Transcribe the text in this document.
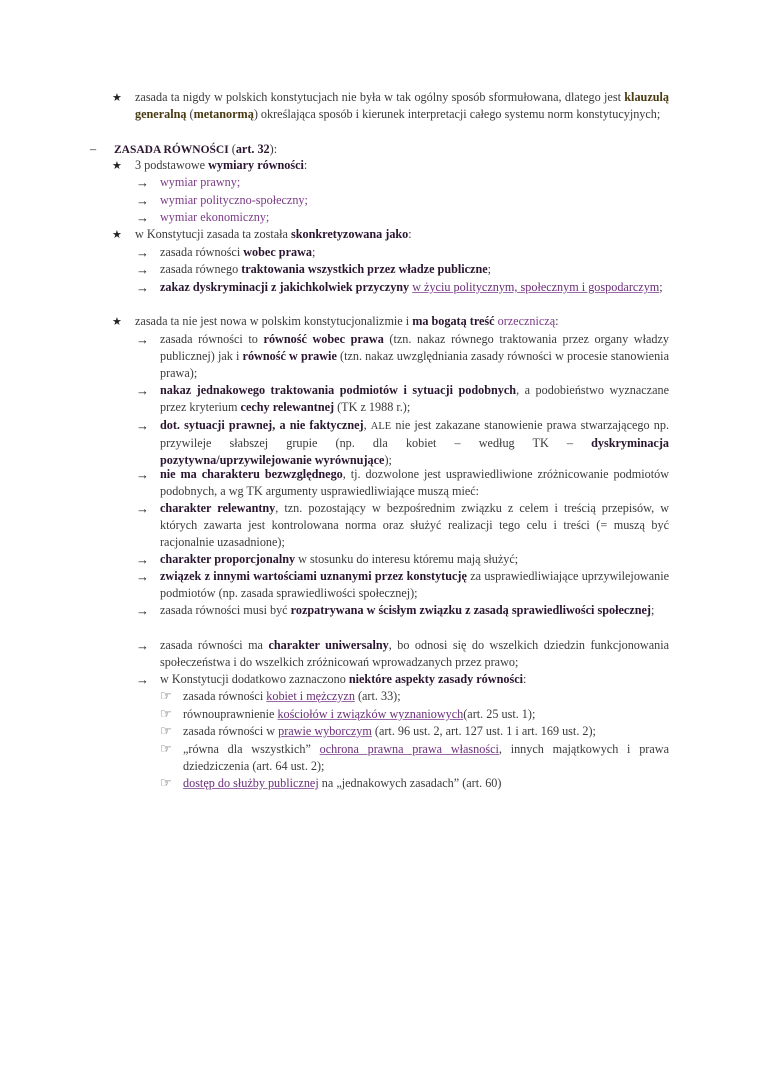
★ zasada ta nigdy w polskich konstytucjach nie była w tak ogólny sposób sformułowana, dlatego jest klauzulą generalną (metanormą) określająca sposób i kierunek interpretacji całego systemu norm konstytucyjnych;
– ZASADA RÓWNOŚCI (art. 32):
★ 3 podstawowe wymiary równości:
→ wymiar prawny;
→ wymiar polityczno-społeczny;
→ wymiar ekonomiczny;
★ w Konstytucji zasada ta została skonkretyzowana jako:
→ zasada równości wobec prawa;
→ zasada równego traktowania wszystkich przez władze publiczne;
→ zakaz dyskryminacji z jakichkolwiek przyczyny w życiu politycznym, społecznym i gospodarczym;
★ zasada ta nie jest nowa w polskim konstytucjonalizmie i ma bogatą treść orzeczniczą:
→ zasada równości to równość wobec prawa (tzn. nakaz równego traktowania przez organy władzy publicznej) jak i równość w prawie (tzn. nakaz uwzględniania zasady równości w procesie stanowienia prawa);
→ nakaz jednakowego traktowania podmiotów i sytuacji podobnych, a podobieństwo wyznaczane przez kryterium cechy relewantnej (TK z 1988 r.);
→ dot. sytuacji prawnej, a nie faktycznej, ALE nie jest zakazane stanowienie prawa stwarzającego np. przywileje słabszej grupie (np. dla kobiet – według TK – dyskryminacja pozytywna/uprzywilejowanie wyrównujące);
→ nie ma charakteru bezwzględnego, tj. dozwolone jest usprawiedliwione zróżnicowanie podmiotów podobnych, a wg TK argumenty usprawiedliwiające muszą mieć:
→ charakter relewantny, tzn. pozostający w bezpośrednim związku z celem i treścią przepisów, w których zawarta jest kontrolowana norma oraz służyć realizacji tego celu i treści (= muszą być racjonalnie uzasadnione);
→ charakter proporcjonalny w stosunku do interesu któremu mają służyć;
→ związek z innymi wartościami uznanymi przez konstytucję za usprawiedliwiające uprzywilejowanie podmiotów (np. zasada sprawiedliwości społecznej);
→ zasada równości musi być rozpatrywana w ścisłym związku z zasadą sprawiedliwości społecznej;
→ zasada równości ma charakter uniwersalny, bo odnosi się do wszelkich dziedzin funkcjonowania społeczeństwa i do wszelkich zróżnicowań wprowadzanych przez prawo;
→ w Konstytucji dodatkowo zaznaczono niektóre aspekty zasady równości:
☞ zasada równości kobiet i mężczyzn (art. 33);
☞ równouprawnienie kościołów i związków wyznaniowych(art. 25 ust. 1);
☞ zasada równości w prawie wyborczym (art. 96 ust. 2, art. 127 ust. 1 i art. 169 ust. 2);
☞ „równa dla wszystkich” ochrona prawna prawa własności, innych majątkowych i prawa dziedziczenia (art. 64 ust. 2);
☞ dostęp do służby publicznej na „jednakowych zasadach” (art. 60)
